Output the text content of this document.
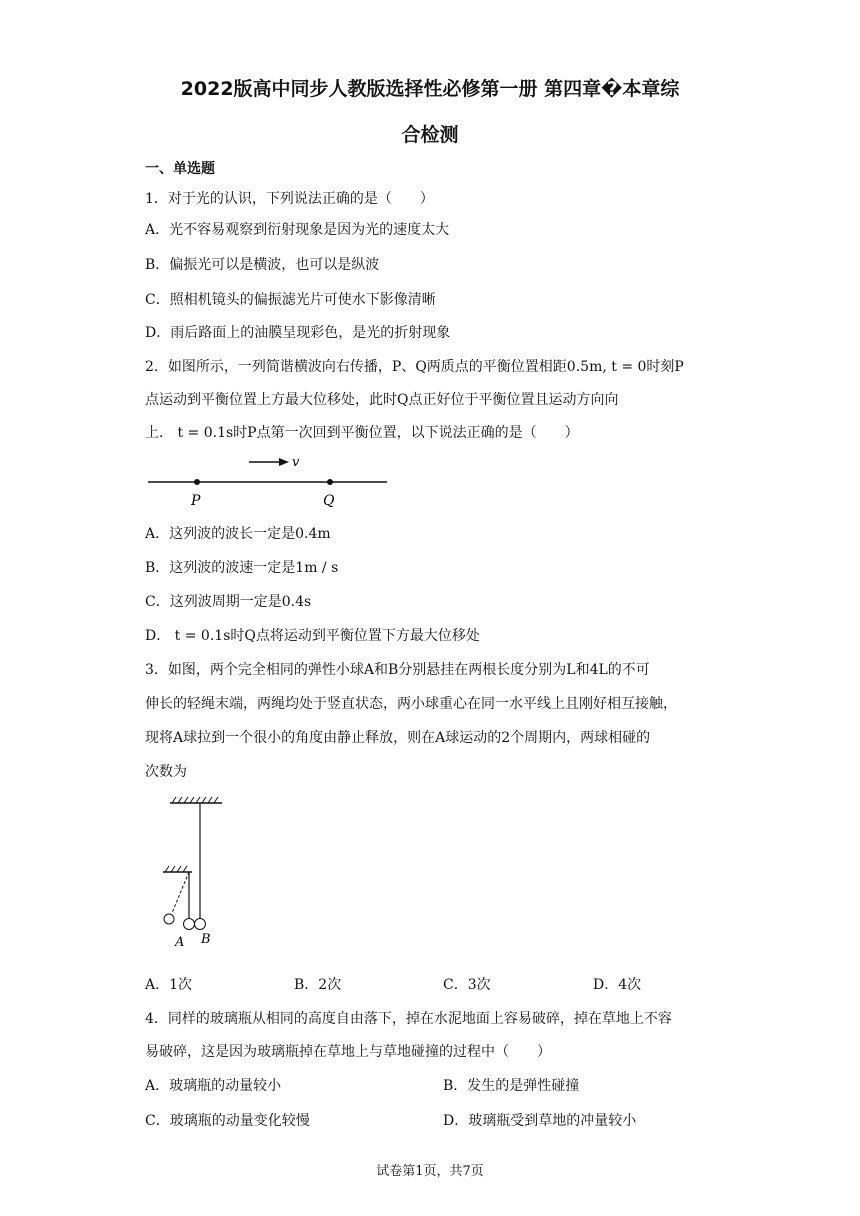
2022版高中同步人教版选择性必修第一册 第四章�本章综
合检测
一、单选题
1．对于光的认识，下列说法正确的是（　　）
A．光不容易观察到衍射现象是因为光的速度太大
B．偏振光可以是横波，也可以是纵波
C．照相机镜头的偏振滤光片可使水下影像清晰
D．雨后路面上的油膜呈现彩色，是光的折射现象
2．如图所示，一列简谐横波向右传播，P、Q两质点的平衡位置相距0.5m, t = 0时刻P
点运动到平衡位置上方最大位移处，此时Q点正好位于平衡位置且运动方向向
上． t = 0.1s时P点第一次回到平衡位置，以下说法正确的是（　　）
v
P	Q
A．这列波的波长一定是0.4m
B．这列波的波速一定是1m / s
C．这列波周期一定是0.4s
D． t = 0.1s时Q点将运动到平衡位置下方最大位移处
3．如图，两个完全相同的弹性小球A和B分别悬挂在两根长度分别为L和4L的不可
伸长的轻绳末端，两绳均处于竖直状态，两小球重心在同一水平线上且刚好相互接触，
现将A球拉到一个很小的角度由静止释放，则在A球运动的2个周期内，两球相碰的
次数为
A B
A．1次	B．2次	C．3次	D．4次
4．同样的玻璃瓶从相同的高度自由落下，掉在水泥地面上容易破碎，掉在草地上不容
易破碎，这是因为玻璃瓶掉在草地上与草地碰撞的过程中（　　）
A．玻璃瓶的动量较小	B．发生的是弹性碰撞
C．玻璃瓶的动量变化较慢	D．玻璃瓶受到草地的冲量较小
试卷第1页，共7页
